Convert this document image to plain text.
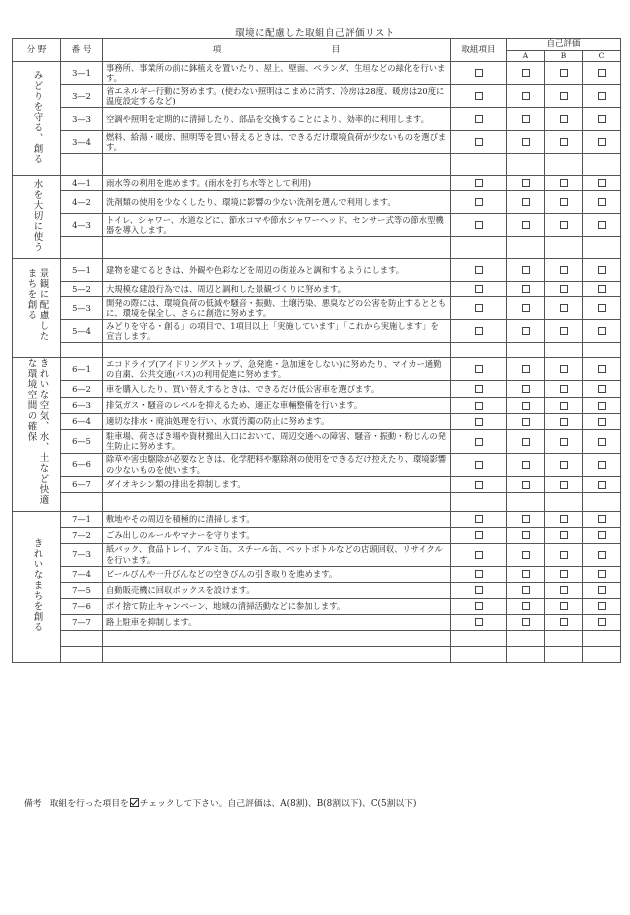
環境に配慮した取組自己評価リスト
分 野	番 号	項　　　　　　　　　　　　　目	取組項目	自己評価		
				A	B	C
みどりを守る、創る	3—1	事務所、事業所の前に鉢植えを置いたり、屋上、壁面、ベランダ、生垣などの緑化を行います。				
	3—2	省エネルギー行動に努めます。(使わない照明はこまめに消す、冷房は28度、暖房は20度に温度設定するなど)				
	3—3	空調や照明を定期的に清掃したり、部品を交換することにより、効率的に利用します。				
	3—4	燃料、給湯・暖房、照明等を買い替えるときは、できるだけ環境負荷が少ないものを選びます。				

水を大切に使う	4—1	雨水等の利用を進めます。(雨水を打ち水等として利用)				
	4—2	洗剤類の使用を少なくしたり、環境に影響の少ない洗剤を選んで利用します。				
	4—3	トイレ、シャワー、水道などに、節水コマや節水シャワーヘッド、センサー式等の節水型機器を導入します。				

景観に配慮したまちを創る	5—1	建物を建てるときは、外観や色彩などを周辺の街並みと調和するようにします。				
	5—2	大規模な建設行為では、周辺と調和した景観づくりに努めます。				
	5—3	開発の際には、環境負荷の低減や騒音・振動、土壌汚染、悪臭などの公害を防止するとともに、環境を保全し、さらに創造に努めます。				
	5—4	みどりを守る・創る」の項目で、1項目以上「実施しています」「これから実施します」を宣言します。				

きれいな空気、水、土など快適な環境空間の確保	6—1	エコドライブ(アイドリングストップ、急発進・急加速をしない)に努めたり、マイカー通勤の自粛、公共交通(バス)の利用促進に努めます。				
	6—2	車を購入したり、買い替えするときは、できるだけ低公害車を選びます。				
	6—3	排気ガス・騒音のレベルを抑えるため、適正な車輛整備を行います。				
	6—4	適切な排水・廃油処理を行い、水質汚濁の防止に努めます。				
	6—5	駐車場、荷さばき場や資材搬出入口において、周辺交通への障害、騒音・振動・粉じんの発生防止に努めます。				
	6—6	除草や害虫駆除が必要なときは、化学肥料や駆除剤の使用をできるだけ控えたり、環境影響の少ないものを使います。				
	6—7	ダイオキシン類の排出を抑制します。				

きれいなまちを創る	7—1	敷地やその周辺を積極的に清掃します。				
	7—2	ごみ出しのルールやマナーを守ります。				
	7—3	紙パック、食品トレイ、アルミ缶、スチール缶、ペットボトルなどの店頭回収、リサイクルを行います。				
	7—4	ビールびんや一升びんなどの空きびんの引き取りを進めます。				
	7—5	自動販売機に回収ボックスを設けます。				
	7—6	ポイ捨て防止キャンペーン、地域の清掃活動などに参加します。				
	7—7	路上駐車を抑制します。				

備考 取組を行った項目を チェックして下さい。自己評価は、A(8割)、B(8割以下)、C(5割以下)
